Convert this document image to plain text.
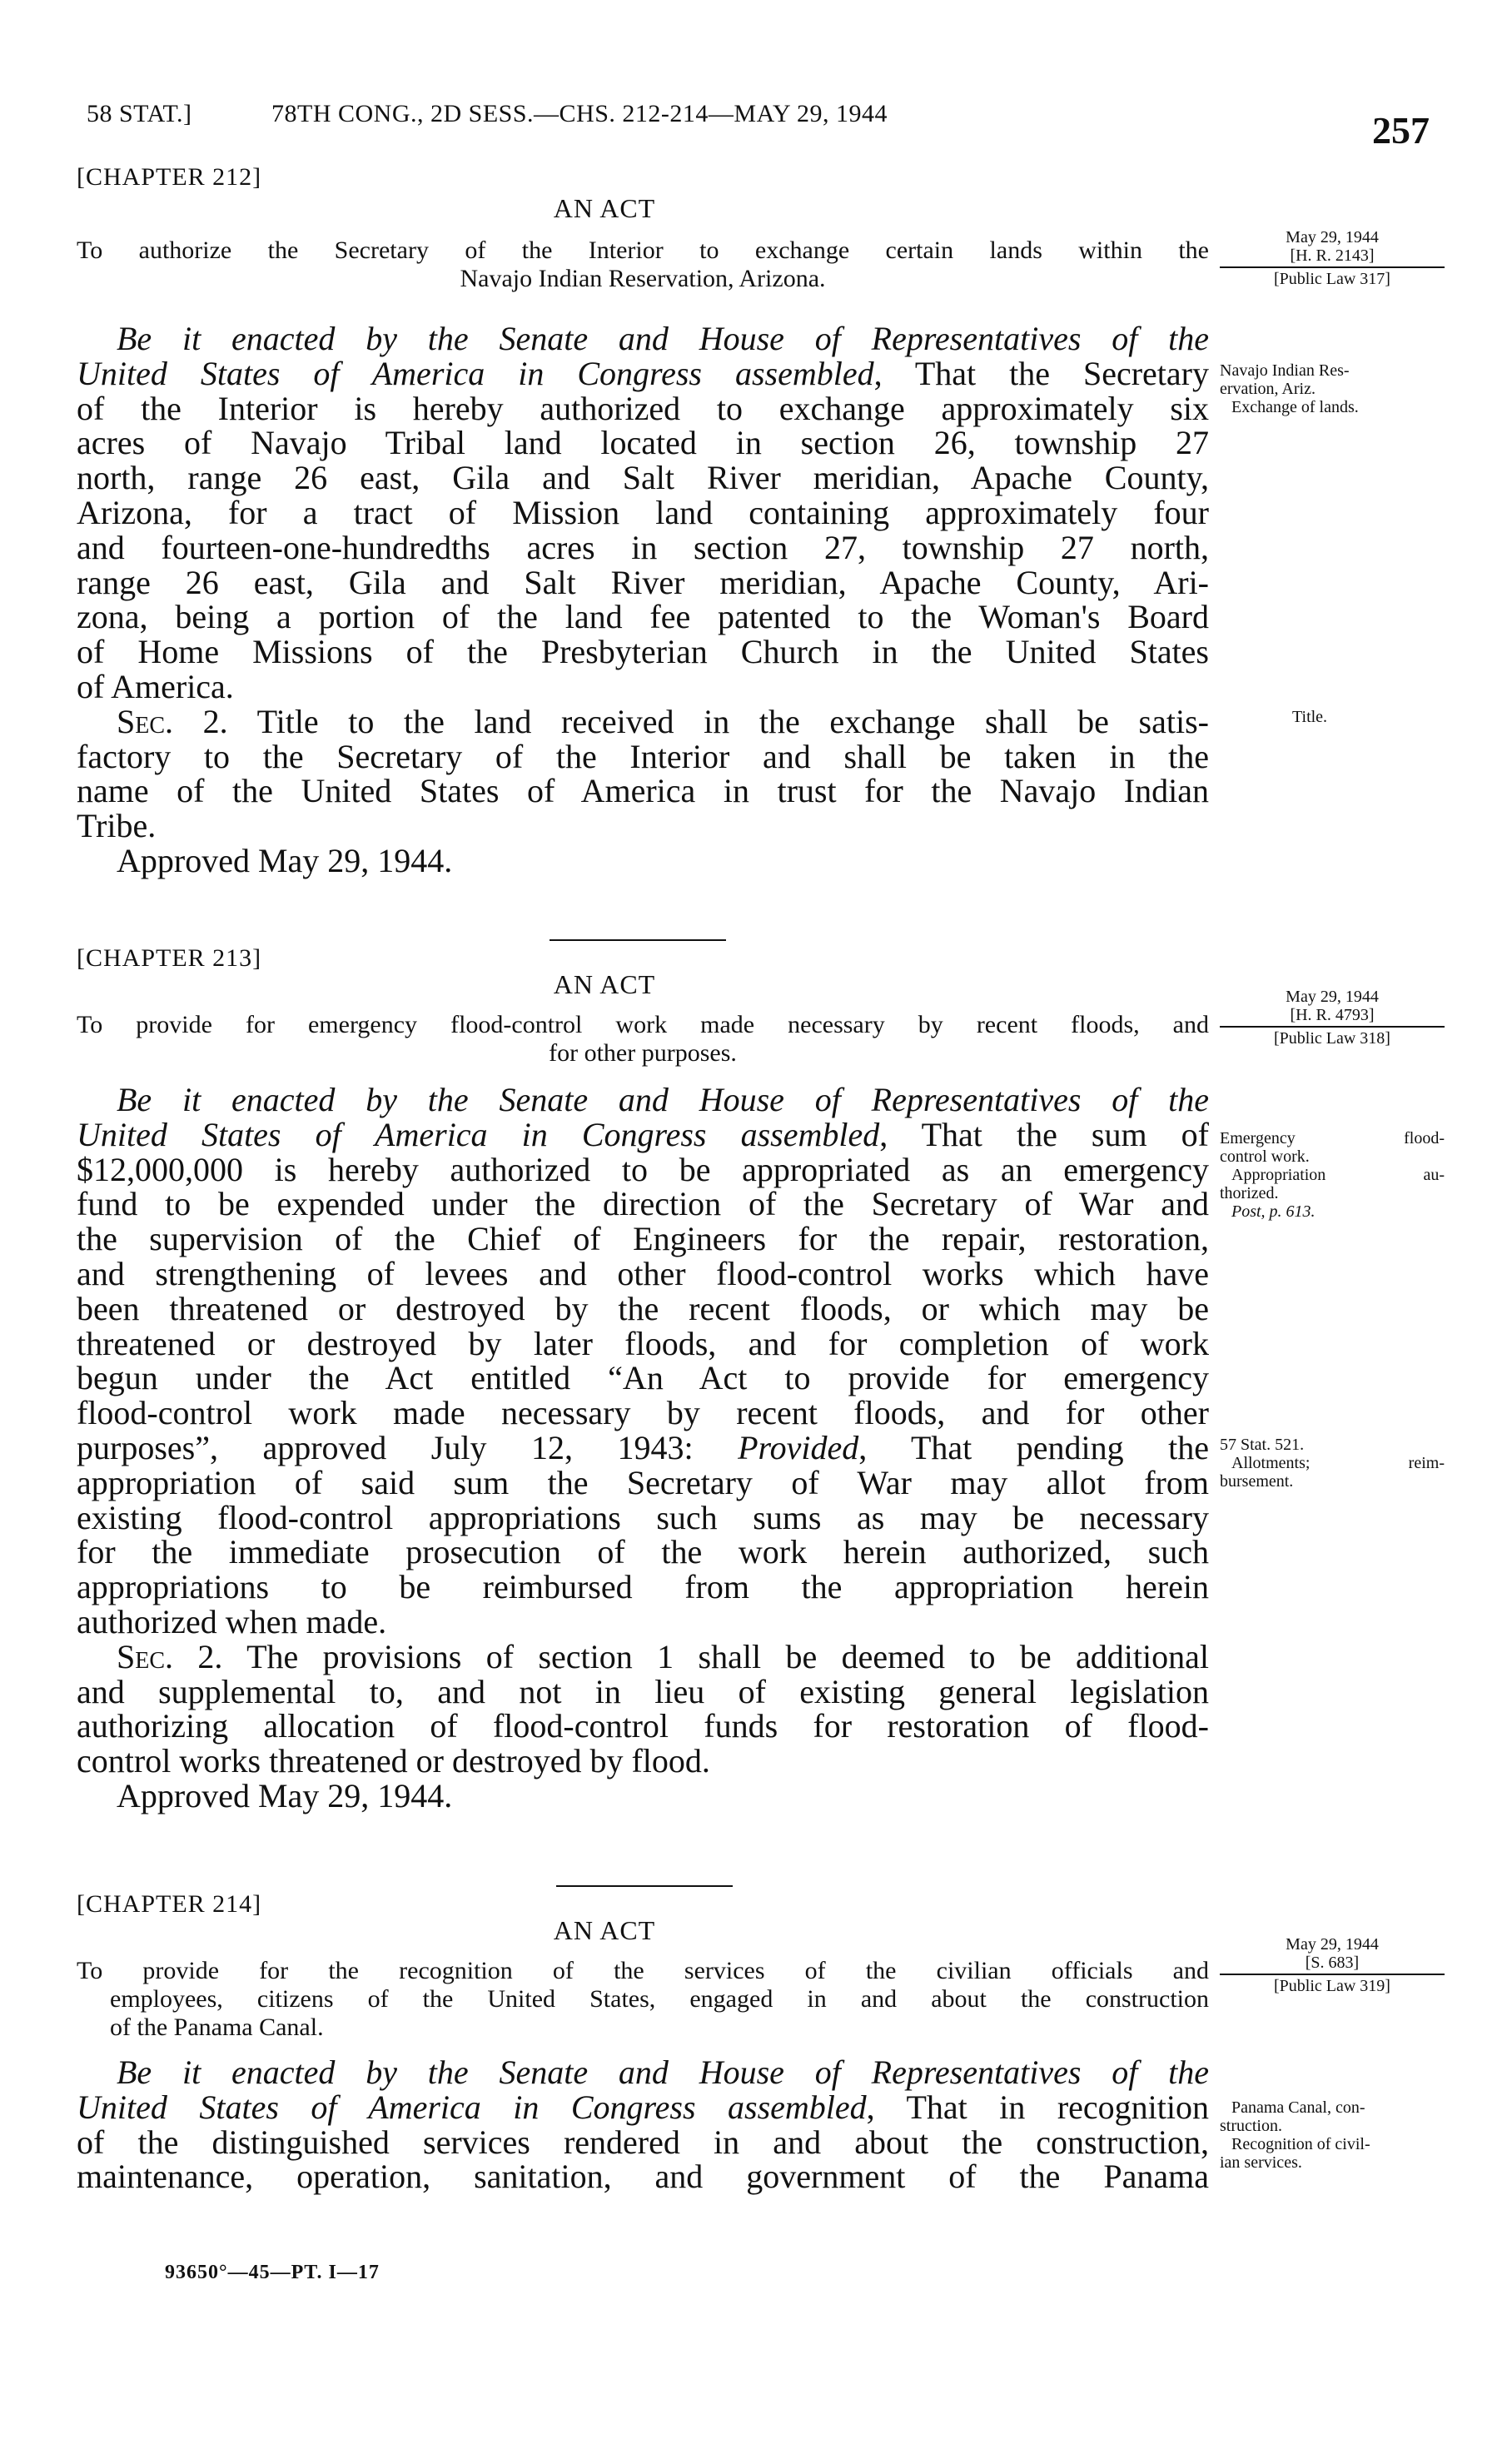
58 STAT.]	78TH CONG., 2D SESS.—CHS. 212-214—MAY 29, 1944	257
[CHAPTER 212]
AN ACT
To authorize the Secretary of the Interior to exchange certain lands within the
Navajo Indian Reservation, Arizona.
May 29, 1944
[H. R. 2143]
[Public Law 317]
Be it enacted by the Senate and House of Representatives of the
United States of America in Congress assembled, That the Secretary
of the Interior is hereby authorized to exchange approximately six
acres of Navajo Tribal land located in section 26, township 27
north, range 26 east, Gila and Salt River meridian, Apache County,
Arizona, for a tract of Mission land containing approximately four
and fourteen-one-hundredths acres in section 27, township 27 north,
range 26 east, Gila and Salt River meridian, Apache County, Ari-
zona, being a portion of the land fee patented to the Woman's Board
of Home Missions of the Presbyterian Church in the United States
of America.
Sec. 2. Title to the land received in the exchange shall be satis-
factory to the Secretary of the Interior and shall be taken in the
name of the United States of America in trust for the Navajo Indian
Tribe.
Approved May 29, 1944.
Navajo Indian Res-
ervation, Ariz.
Exchange of lands.
Title.
[CHAPTER 213]
AN ACT
To provide for emergency flood-control work made necessary by recent floods, and
for other purposes.
May 29, 1944
[H. R. 4793]
[Public Law 318]
Be it enacted by the Senate and House of Representatives of the
United States of America in Congress assembled, That the sum of
$12,000,000 is hereby authorized to be appropriated as an emergency
fund to be expended under the direction of the Secretary of War and
the supervision of the Chief of Engineers for the repair, restoration,
and strengthening of levees and other flood-control works which have
been threatened or destroyed by the recent floods, or which may be
threatened or destroyed by later floods, and for completion of work
begun under the Act entitled “An Act to provide for emergency
flood-control work made necessary by recent floods, and for other
purposes”, approved July 12, 1943: Provided, That pending the
appropriation of said sum the Secretary of War may allot from
existing flood-control appropriations such sums as may be necessary
for the immediate prosecution of the work herein authorized, such
appropriations to be reimbursed from the appropriation herein
authorized when made.
Sec. 2. The provisions of section 1 shall be deemed to be additional
and supplemental to, and not in lieu of existing general legislation
authorizing allocation of flood-control funds for restoration of flood-
control works threatened or destroyed by flood.
Approved May 29, 1944.
Emergency flood-
control work.
Appropriation au-
thorized.
Post, p. 613.
57 Stat. 521.
Allotments; reim-
bursement.
[CHAPTER 214]
AN ACT
To provide for the recognition of the services of the civilian officials and
employees, citizens of the United States, engaged in and about the construction
of the Panama Canal.
May 29, 1944
[S. 683]
[Public Law 319]
Be it enacted by the Senate and House of Representatives of the
United States of America in Congress assembled, That in recognition
of the distinguished services rendered in and about the construction,
maintenance, operation, sanitation, and government of the Panama
Panama Canal, con-
struction.
Recognition of civil-
ian services.
93650°—45—PT. I—17
